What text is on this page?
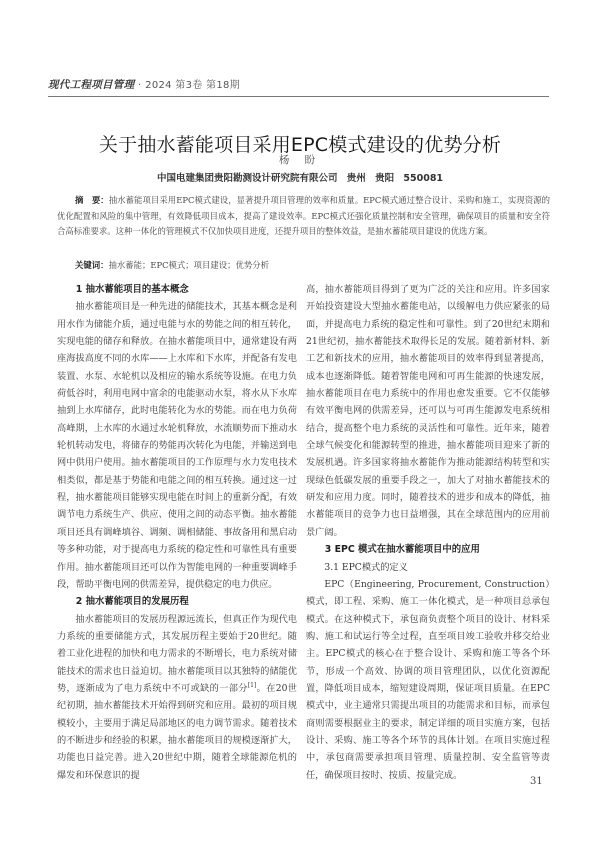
现代工程项目管理 · 2024 第3卷 第18期
关于抽水蓄能项目采用EPC模式建设的优势分析
杨 盼
中国电建集团贵阳勘测设计研究院有限公司 贵州 贵阳 550081
摘　要：抽水蓄能项目采用EPC模式建设，显著提升项目管理的效率和质量。EPC模式通过整合设计、采购和施工，实现资源的优化配置和风险的集中管理，有效降低项目成本，提高了建设效率。EPC模式还强化质量控制和安全管理，确保项目的质量和安全符合高标准要求。这种一体化的管理模式不仅加快项目进度，还提升项目的整体效益，是抽水蓄能项目建设的优选方案。
关键词：抽水蓄能；EPC模式；项目建设；优势分析
1 抽水蓄能项目的基本概念

抽水蓄能项目是一种先进的储能技术，其基本概念是利用水作为储能介质，通过电能与水的势能之间的相互转化，实现电能的储存和释放。在抽水蓄能项目中，通常建设有两座海拔高度不同的水库——上水库和下水库，并配备有发电装置、水泵、水轮机以及相应的输水系统等设施。在电力负荷低谷时，利用电网中富余的电能驱动水泵，将水从下水库抽到上水库储存，此时电能转化为水的势能。而在电力负荷高峰期，上水库的水通过水轮机释放，水流顺势而下推动水轮机转动发电，将储存的势能再次转化为电能，并输送到电网中供用户使用。抽水蓄能项目的工作原理与水力发电技术相类似，都是基于势能和电能之间的相互转换。通过这一过程，抽水蓄能项目能够实现电能在时间上的重新分配，有效调节电力系统生产、供应、使用之间的动态平衡。抽水蓄能项目还具有调峰填谷、调频、调相储能、事故备用和黑启动等多种功能，对于提高电力系统的稳定性和可靠性具有重要作用。抽水蓄能项目还可以作为智能电网的一种重要调峰手段，帮助平衡电网的供需差异，提供稳定的电力供应。

2 抽水蓄能项目的发展历程

抽水蓄能项目的发展历程源远流长，但真正作为现代电力系统的重要储能方式，其发展历程主要始于20世纪。随着工业化进程的加快和电力需求的不断增长，电力系统对储能技术的需求也日益迫切。抽水蓄能项目以其独特的储能优势，逐渐成为了电力系统中不可或缺的一部分[1]。在20世纪初期，抽水蓄能技术开始得到研究和应用。最初的项目规模较小，主要用于满足局部地区的电力调节需求。随着技术的不断进步和经验的积累，抽水蓄能项目的规模逐渐扩大，功能也日益完善。进入20世纪中期，随着全球能源危机的爆发和环保意识的提

高，抽水蓄能项目得到了更为广泛的关注和应用。许多国家开始投资建设大型抽水蓄能电站，以缓解电力供应紧张的局面，并提高电力系统的稳定性和可靠性。到了20世纪末期和21世纪初，抽水蓄能技术取得长足的发展。随着新材料、新工艺和新技术的应用，抽水蓄能项目的效率得到显著提高，成本也逐渐降低。随着智能电网和可再生能源的快速发展，抽水蓄能项目在电力系统中的作用也愈发重要。它不仅能够有效平衡电网的供需差异，还可以与可再生能源发电系统相结合，提高整个电力系统的灵活性和可靠性。近年来，随着全球气候变化和能源转型的推进，抽水蓄能项目迎来了新的发展机遇。许多国家将抽水蓄能作为推动能源结构转型和实现绿色低碳发展的重要手段之一，加大了对抽水蓄能技术的研发和应用力度。同时，随着技术的进步和成本的降低，抽水蓄能项目的竞争力也日益增强，其在全球范围内的应用前景广阔。

3 EPC 模式在抽水蓄能项目中的应用
3.1 EPC模式的定义

EPC（Engineering, Procurement, Construction）模式，即工程、采购、施工一体化模式，是一种项目总承包模式。在这种模式下，承包商负责整个项目的设计、材料采购、施工和试运行等全过程，直至项目竣工验收并移交给业主。EPC模式的核心在于整合设计、采购和施工等各个环节，形成一个高效、协调的项目管理团队，以优化资源配置，降低项目成本，缩短建设周期，保证项目质量。在EPC模式中，业主通常只需提出项目的功能需求和目标，而承包商则需要根据业主的要求，制定详细的项目实施方案，包括设计、采购、施工等各个环节的具体计划。在项目实施过程中，承包商需要承担项目管理、质量控制、安全监管等责任，确保项目按时、按质、按量完成。

31
